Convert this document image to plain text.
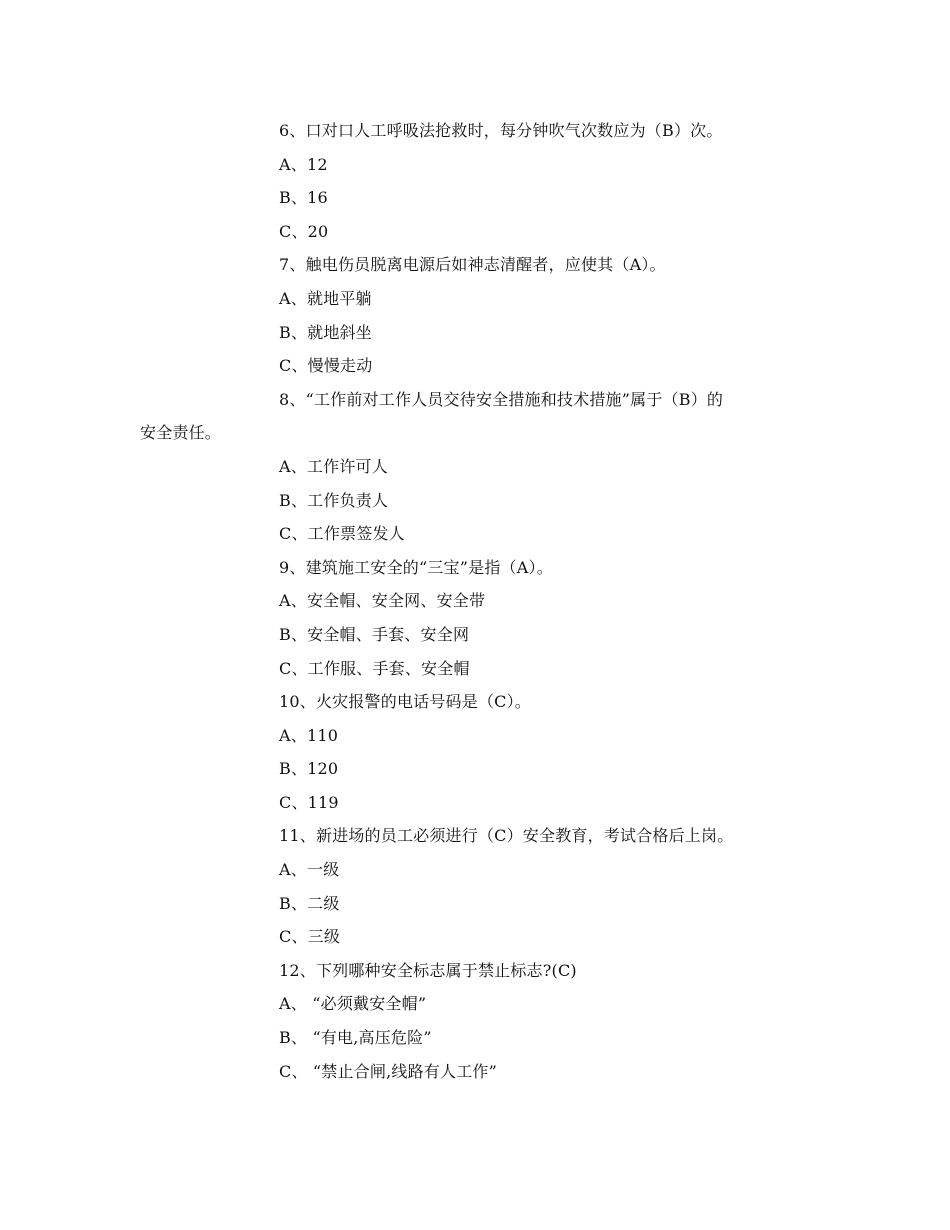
6、口对口人工呼吸法抢救时，每分钟吹气次数应为（B）次。
A、12
B、16
C、20
7、触电伤员脱离电源后如神志清醒者，应使其（A）。
A、就地平躺
B、就地斜坐
C、慢慢走动
8、“工作前对工作人员交待安全措施和技术措施”属于（B）的
安全责任。
A、工作许可人
B、工作负责人
C、工作票签发人
9、建筑施工安全的“三宝”是指（A）。
A、安全帽、安全网、安全带
B、安全帽、手套、安全网
C、工作服、手套、安全帽
10、火灾报警的电话号码是（C）。
A、110
B、120
C、119
11、新进场的员工必须进行（C）安全教育，考试合格后上岗。
A、一级
B、二级
C、三级
12、下列哪种安全标志属于禁止标志?(C)
A、 “必须戴安全帽”
B、 “有电,高压危险”
C、 “禁止合闸,线路有人工作”
